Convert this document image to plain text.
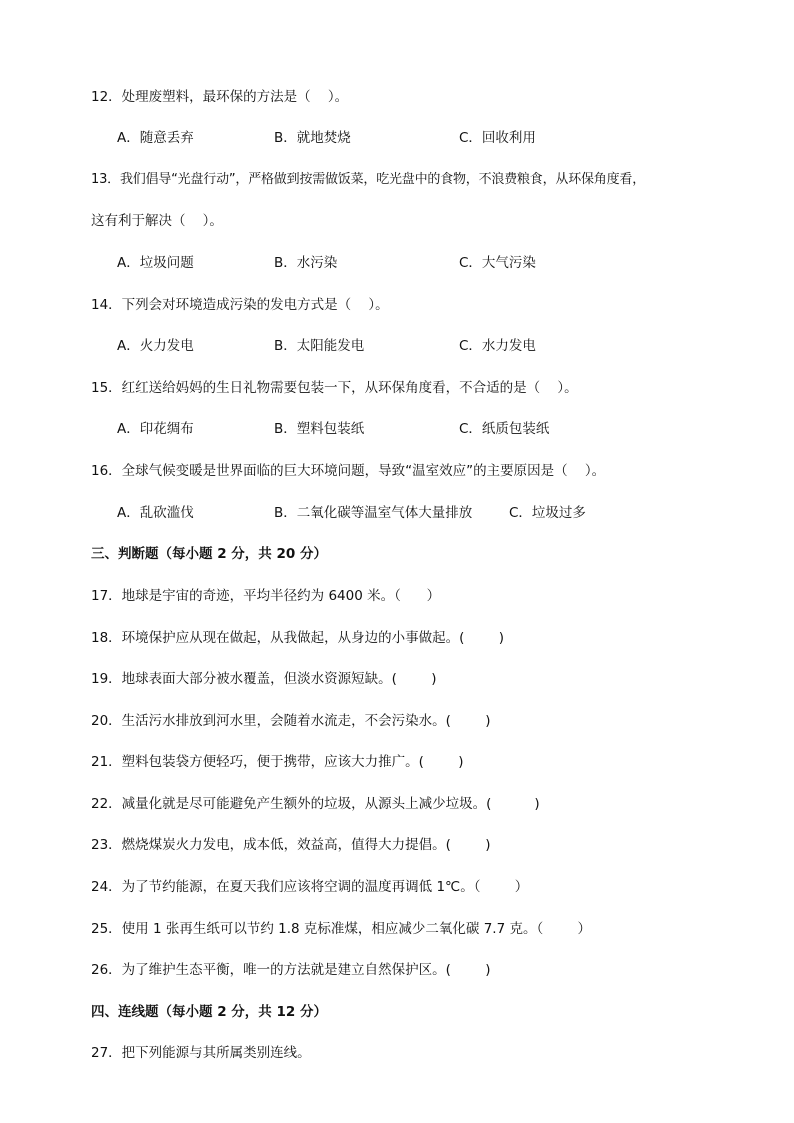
12．处理废塑料，最环保的方法是（    ）。
A．随意丢弃	B．就地焚烧	C．回收利用
13．我们倡导“光盘行动”，严格做到按需做饭菜，吃光盘中的食物，不浪费粮食，从环保角度看，
这有利于解决（    ）。
A．垃圾问题	B．水污染	C．大气污染
14．下列会对环境造成污染的发电方式是（    ）。
A．火力发电	B．太阳能发电	C．水力发电
15．红红送给妈妈的生日礼物需要包装一下，从环保角度看，不合适的是（    ）。
A．印花绸布	B．塑料包装纸	C．纸质包装纸
16．全球气候变暖是世界面临的巨大环境问题，导致“温室效应”的主要原因是（    ）。
A．乱砍滥伐	B．二氧化碳等温室气体大量排放	C．垃圾过多
三、判断题（每小题 2 分，共 20 分）
17．地球是宇宙的奇迹，平均半径约为 6400 米。（      ）
18．环境保护应从现在做起，从我做起，从身边的小事做起。(        )
19．地球表面大部分被水覆盖，但淡水资源短缺。(        )
20．生活污水排放到河水里，会随着水流走，不会污染水。(        )
21．塑料包装袋方便轻巧，便于携带，应该大力推广。(        )
22．减量化就是尽可能避免产生额外的垃圾，从源头上减少垃圾。(          )
23．燃烧煤炭火力发电，成本低，效益高，值得大力提倡。(        )
24．为了节约能源，在夏天我们应该将空调的温度再调低 1℃。（        ）
25．使用 1 张再生纸可以节约 1.8 克标准煤，相应减少二氧化碳 7.7 克。（        ）
26．为了维护生态平衡，唯一的方法就是建立自然保护区。(        )
四、连线题（每小题 2 分，共 12 分）
27．把下列能源与其所属类别连线。
